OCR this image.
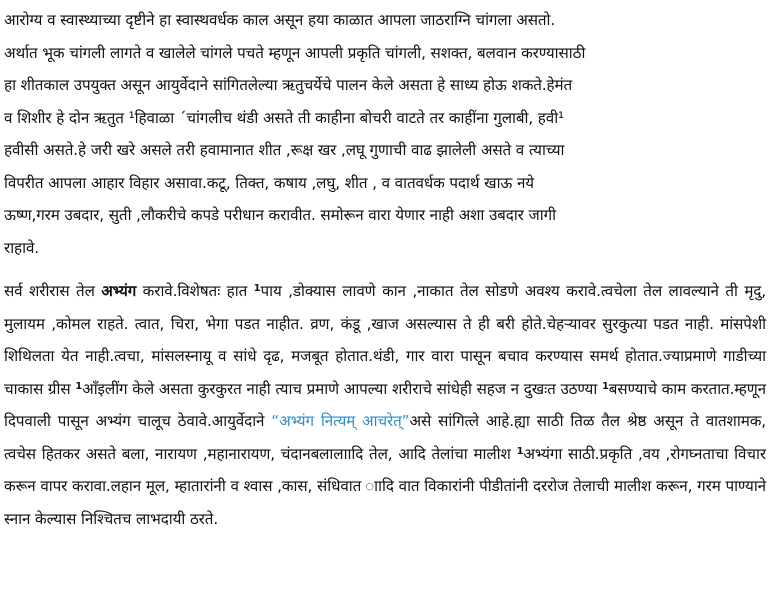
आरोग्य व स्वास्थ्याच्या दृष्टीने हा स्वास्थवर्धक काल असून हया काळात आपला जाठराग्नि चांगला असतो.
अर्थात भूक चांगली लागते व खालेले चांगले पचते म्हणून आपली प्रकृति चांगली, सशक्त, बलवान करण्यासाठी
हा शीतकाल उपयुक्त असून आयुर्वेदाने सांगितलेल्या ऋतुचर्येचे पालन केले असता हे साध्य होऊ शकते.हेमंत
व शिशीर हे दोन ऋतुत ¹हिवाळा ˊचांगलीच थंडी असते ती काहीना बोचरी वाटते तर काहींना गुलाबी, हवी¹
हवीसी असते.हे जरी खरे असले तरी हवामानात शीत ,रूक्ष खर ,लघू गुणाची वाढ झालेली असते व त्याच्या
विपरीत आपला आहार विहार असावा.कटू, तिक्त, कषाय ,लघु, शीत , व वातवर्धक पदार्थ खाऊ नये
ऊष्ण,गरम उबदार, सुती ,लौकरीचे कपडे परीधान करावीत. समोरून वारा येणार नाही अशा उबदार जागी
राहावे.

सर्व शरीरास तेल अभ्यंग करावे.विशेषतः हात $^1$पाय ,डोक्यास लावणे कान ,नाकात तेल सोडणे अवश्य करावे.त्वचेला तेल लावल्याने ती मृदु, मुलायम ,कोमल राहते. त्वात, चिरा, भेगा पडत नाहीत. व्रण, कंडू ,खाज असल्यास ते ही बरी होते.चेहऱ्यावर सुरकुत्या पडत नाही. मांसपेशी शिथिलता येत नाही.त्वचा, मांसलस्नायू व सांधे दृढ, मजबूत होतात.थंडी, गार वारा पासून बचाव करण्यास समर्थ होतात.ज्याप्रमाणे गाडीच्या चाकास ग्रीस $^1$आँइलींग केले असता कुरकुरत नाही त्याच प्रमाणे आपल्या शरीराचे सांधेही सहज न दुखःत उठण्या $^1$बसण्याचे काम करतात.म्हणून दिपवाली पासून अभ्यंग चालूच ठेवावे.आयुर्वेदाने “अभ्यंग नित्यम् आचरेत्”असे सांगित्ले आहे.ह्या साठी तिळ तैल श्रेष्ठ असून ते वातशामक, त्वचेस हितकर असते बला, नारायण ,महानारायण, चंदानबलालाादि तेल, आदि तेलांचा मालीश $^1$अभ्यंगा साठी.प्रकृति ,वय ,रोगघ्नताचा विचार करून वापर करावा.लहान मूल, म्हातारांनी व श्वास ,कास, संधिवात ाादि वात विकारांनी पीडीतांनी दररोज तेलाची मालीश करून, गरम पाण्याने स्नान केल्यास निश्चितच लाभदायी ठरते.
